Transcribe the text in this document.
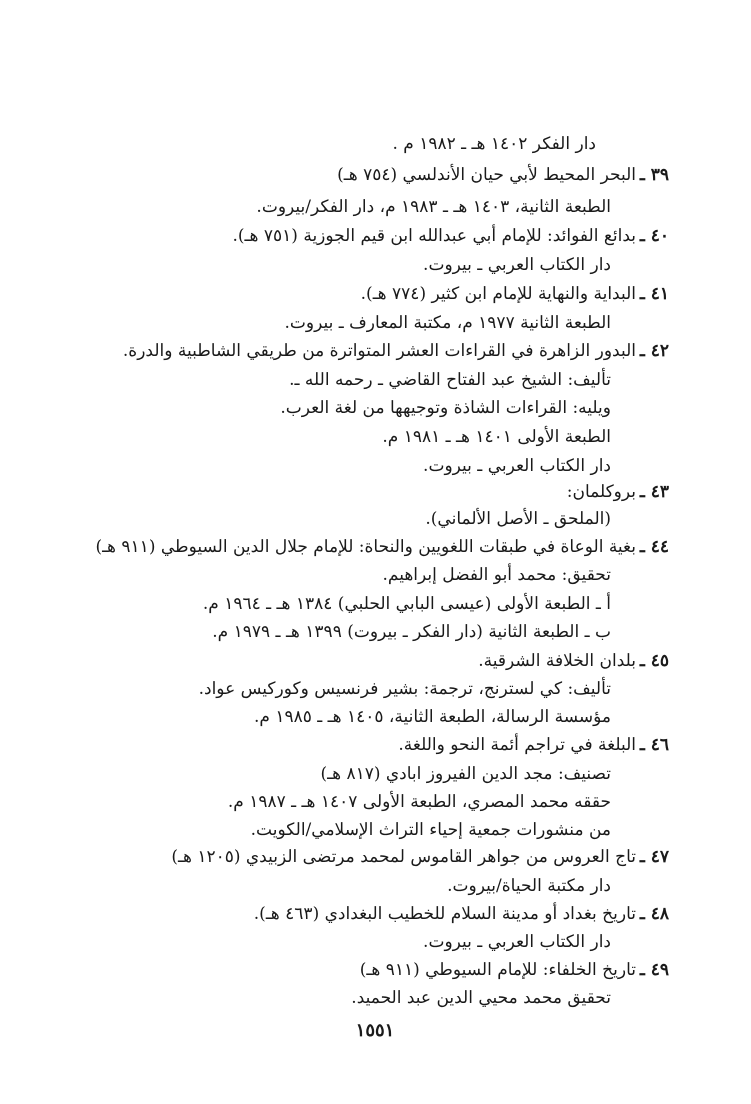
دار الفكر ١٤٠٢ هـ ـ ١٩٨٢ م .
٣٩ ـ
البحر المحيط لأبي حيان الأندلسي (٧٥٤ هـ)
الطبعة الثانية، ١٤٠٣ هـ ـ ١٩٨٣ م، دار الفكر/بيروت.
٤٠ ـ
بدائع الفوائد: للإمام أبي عبدالله ابن قيم الجوزية (٧٥١ هـ).
دار الكتاب العربي ـ بيروت.
٤١ ـ
البداية والنهاية للإمام ابن كثير (٧٧٤ هـ).
الطبعة الثانية ١٩٧٧ م، مكتبة المعارف ـ بيروت.
٤٢ ـ
البدور الزاهرة في القراءات العشر المتواترة من طريقي الشاطبية والدرة.
تأليف: الشيخ عبد الفتاح القاضي ـ رحمه الله ـ.
ويليه: القراءات الشاذة وتوجيهها من لغة العرب.
الطبعة الأولى ١٤٠١ هـ ـ ١٩٨١ م.
دار الكتاب العربي ـ بيروت.
٤٣ ـ
بروكلمان:
(الملحق ـ الأصل الألماني).
٤٤ ـ
بغية الوعاة في طبقات اللغويين والنحاة: للإمام جلال الدين السيوطي (٩١١ هـ)
تحقيق: محمد أبو الفضل إبراهيم.
أ ـ الطبعة الأولى (عيسى البابي الحلبي) ١٣٨٤ هـ ـ ١٩٦٤ م.
ب ـ الطبعة الثانية (دار الفكر ـ بيروت) ١٣٩٩ هـ ـ ١٩٧٩ م.
٤٥ ـ
بلدان الخلافة الشرقية.
تأليف: كي لسترنج، ترجمة: بشير فرنسيس وكوركيس عواد.
مؤسسة الرسالة، الطبعة الثانية، ١٤٠٥ هـ ـ ١٩٨٥ م.
٤٦ ـ
البلغة في تراجم أئمة النحو واللغة.
تصنيف: مجد الدين الفيروز ابادي (٨١٧ هـ)
حققه محمد المصري، الطبعة الأولى ١٤٠٧ هـ ـ ١٩٨٧ م.
من منشورات جمعية إحياء التراث الإسلامي/الكويت.
٤٧ ـ
تاج العروس من جواهر القاموس لمحمد مرتضى الزبيدي (١٢٠٥ هـ)
دار مكتبة الحياة/بيروت.
٤٨ ـ
تاريخ بغداد أو مدينة السلام للخطيب البغدادي (٤٦٣ هـ).
دار الكتاب العربي ـ بيروت.
٤٩ ـ
تاريخ الخلفاء: للإمام السيوطي (٩١١ هـ)
تحقيق محمد محيي الدين عبد الحميد.
١٥٥١
